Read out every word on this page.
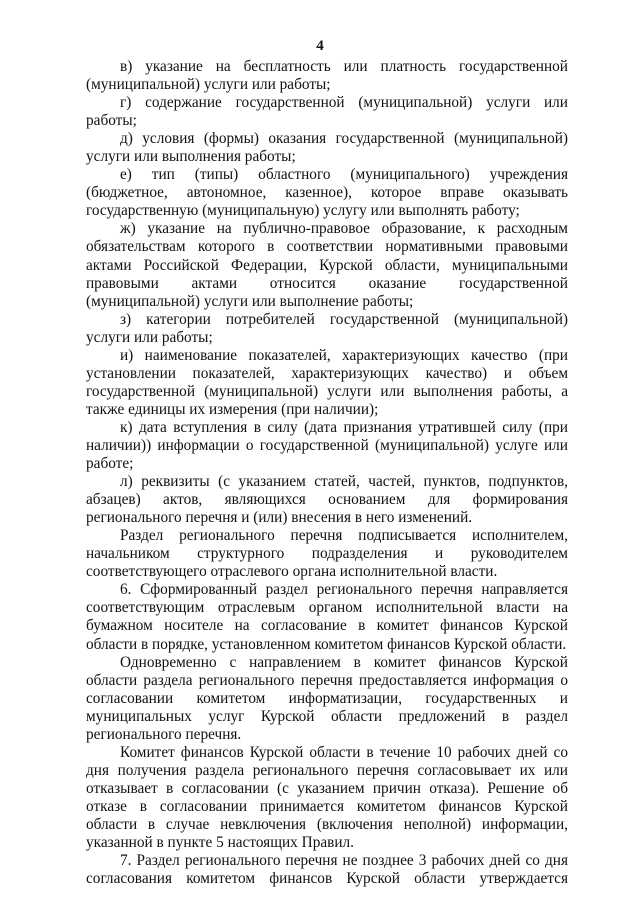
4

в) указание на бесплатность или платность государственной (муниципальной) услуги или работы;

г) содержание государственной (муниципальной) услуги или работы;

д) условия (формы) оказания государственной (муниципальной) услуги или выполнения работы;

е) тип (типы) областного (муниципального) учреждения (бюджетное, автономное, казенное), которое вправе оказывать государственную (муниципальную) услугу или выполнять работу;

ж) указание на публично-правовое образование, к расходным обязательствам которого в соответствии нормативными правовыми актами Российской Федерации, Курской области, муниципальными правовыми актами относится оказание государственной (муниципальной) услуги или выполнение работы;

з) категории потребителей государственной (муниципальной) услуги или работы;

и) наименование показателей, характеризующих качество (при установлении показателей, характеризующих качество) и объем государственной (муниципальной) услуги или выполнения работы, а также единицы их измерения (при наличии);

к) дата вступления в силу (дата признания утратившей силу (при наличии)) информации о государственной (муниципальной) услуге или работе;

л) реквизиты (с указанием статей, частей, пунктов, подпунктов, абзацев) актов, являющихся основанием для формирования регионального перечня и (или) внесения в него изменений.

Раздел регионального перечня подписывается исполнителем, начальником структурного подразделения и руководителем соответствующего отраслевого органа исполнительной власти.

6. Сформированный раздел регионального перечня направляется соответствующим отраслевым органом исполнительной власти на бумажном носителе на согласование в комитет финансов Курской области в порядке, установленном комитетом финансов Курской области.

Одновременно с направлением в комитет финансов Курской области раздела регионального перечня предоставляется информация о согласовании комитетом информатизации, государственных и муниципальных услуг Курской области предложений в раздел регионального перечня.

Комитет финансов Курской области в течение 10 рабочих дней со дня получения раздела регионального перечня согласовывает их или отказывает в согласовании (с указанием причин отказа). Решение об отказе в согласовании принимается комитетом финансов Курской области в случае невключения (включения неполной) информации, указанной в пункте 5 настоящих Правил.

7. Раздел регионального перечня не позднее 3 рабочих дней со дня согласования комитетом финансов Курской области утверждается
